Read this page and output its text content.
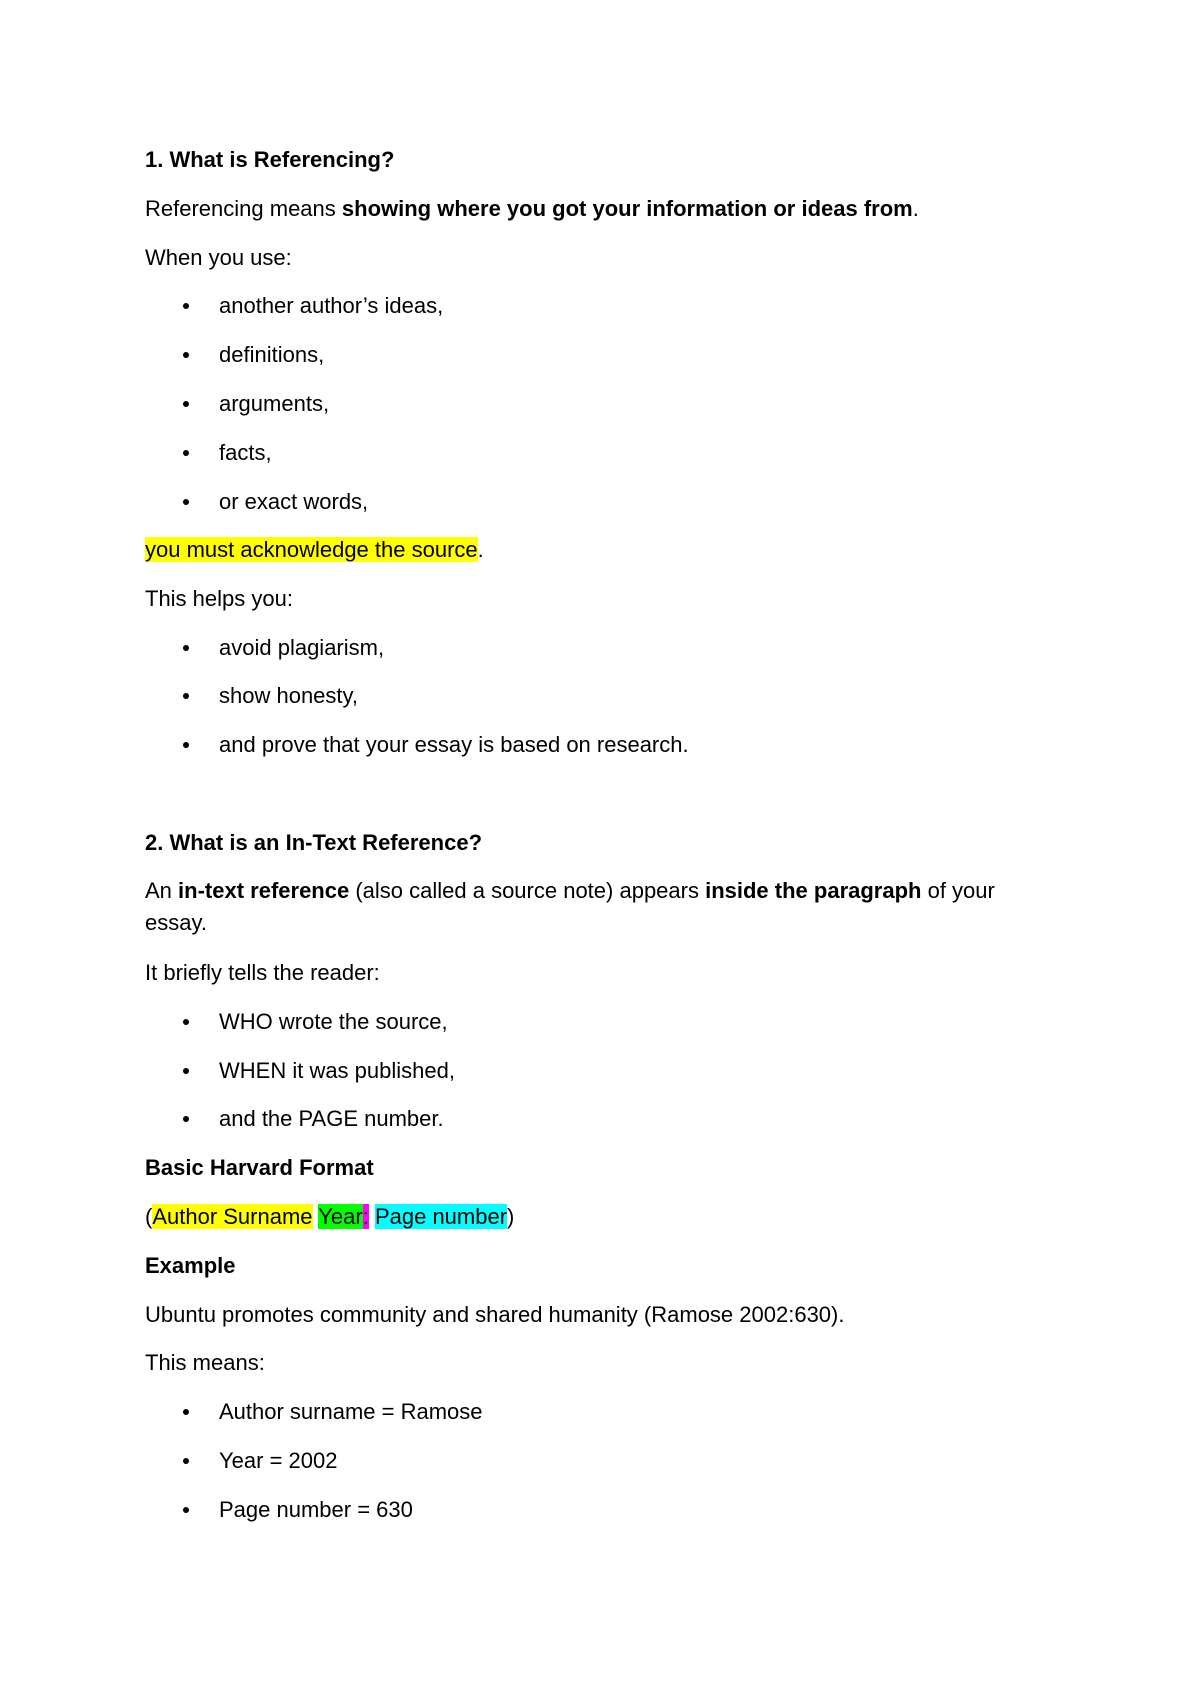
1. What is Referencing?
Referencing means showing where you got your information or ideas from.
When you use:
another author’s ideas,
definitions,
arguments,
facts,
or exact words,
you must acknowledge the source.
This helps you:
avoid plagiarism,
show honesty,
and prove that your essay is based on research.
2. What is an In-Text Reference?
An in-text reference (also called a source note) appears inside the paragraph of your essay.
It briefly tells the reader:
WHO wrote the source,
WHEN it was published,
and the PAGE number.
Basic Harvard Format
(Author Surname Year: Page number)
Example
Ubuntu promotes community and shared humanity (Ramose 2002:630).
This means:
Author surname = Ramose
Year = 2002
Page number = 630
